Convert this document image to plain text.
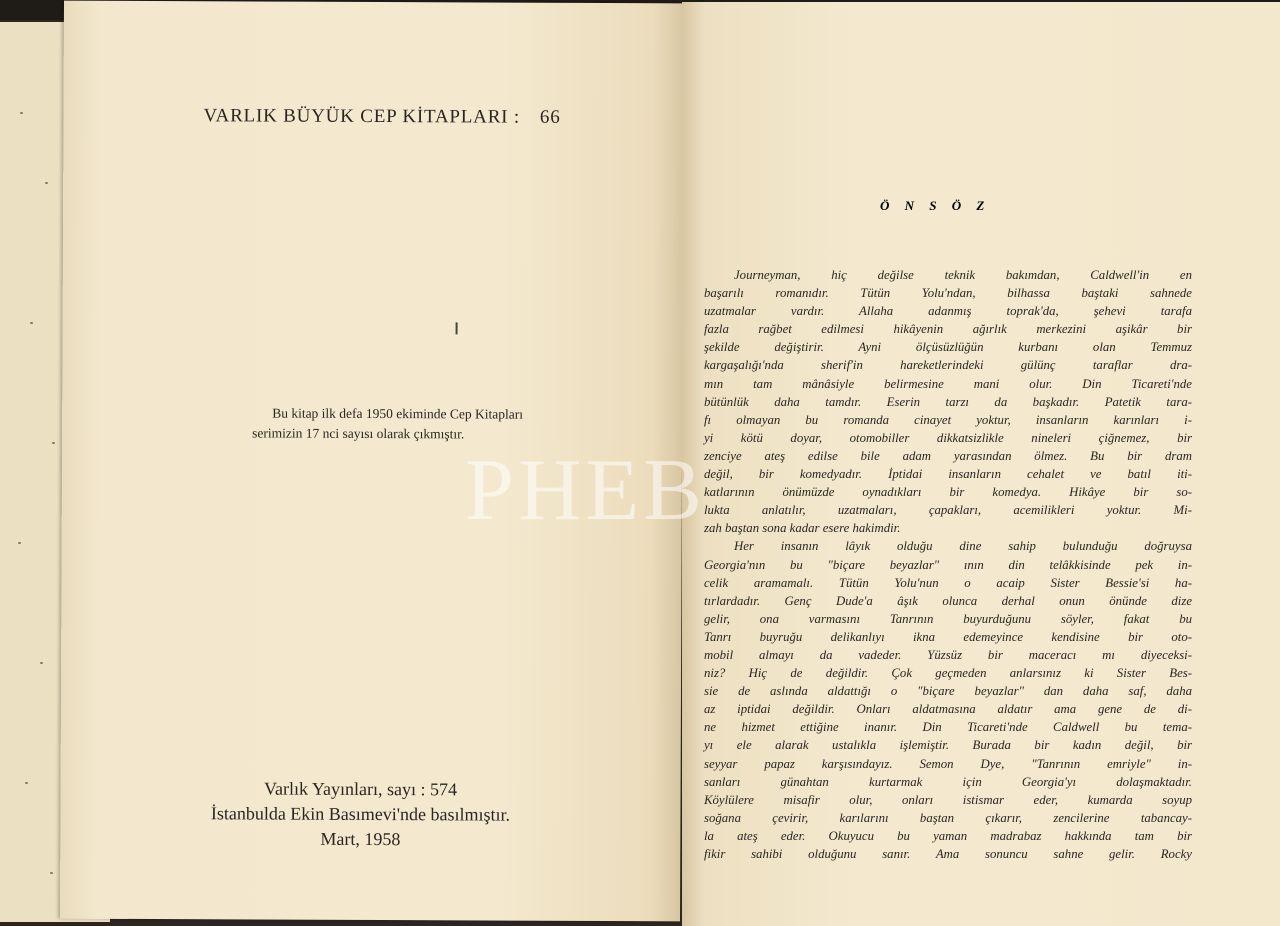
VARLIK BÜYÜK CEP KİTAPLARI : 66
Bu kitap ilk defa 1950 ekiminde Cep Kitapları
serimizin 17 nci sayısı olarak çıkmıştır.
Varlık Yayınları, sayı : 574
İstanbulda Ekin Basımevi'nde basılmıştır.
Mart, 1958
Ö N S Ö Z
Journeyman, hiç değilse teknik bakımdan, Caldwell'in en
başarılı romanıdır. Tütün Yolu'ndan, bilhassa baştaki sahnede
uzatmalar vardır. Allaha adanmış toprak'da, şehevi tarafa
fazla rağbet edilmesi hikâyenin ağırlık merkezini aşikâr bir
şekilde değiştirir. Ayni ölçüsüzlüğün kurbanı olan Temmuz
kargaşalığı'nda sherif'in hareketlerindeki gülünç taraflar dra-
mın tam mânâsiyle belirmesine mani olur. Din Ticareti'nde
bütünlük daha tamdır. Eserin tarzı da başkadır. Patetik tara-
fı olmayan bu romanda cinayet yoktur, insanların karınları i-
yi kötü doyar, otomobiller dikkatsizlikle nineleri çiğnemez, bir
zenciye ateş edilse bile adam yarasından ölmez. Bu bir dram
değil, bir komedyadır. İptidai insanların cehalet ve batıl iti-
katlarının önümüzde oynadıkları bir komedya. Hikâye bir so-
lukta anlatılır, uzatmaları, çapakları, acemilikleri yoktur. Mi-
zah baştan sona kadar esere hakimdir.
Her insanın lâyık olduğu dine sahip bulunduğu doğruysa
Georgia'nın bu "biçare beyazlar" ının din telâkkisinde pek in-
celik aramamalı. Tütün Yolu'nun o acaip Sister Bessie'si ha-
tırlardadır. Genç Dude'a âşık olunca derhal onun önünde dize
gelir, ona varmasını Tanrının buyurduğunu söyler, fakat bu
Tanrı buyruğu delikanlıyı ikna edemeyince kendisine bir oto-
mobil almayı da vadeder. Yüzsüz bir maceracı mı diyeceksi-
niz? Hiç de değildir. Çok geçmeden anlarsınız ki Sister Bes-
sie de aslında aldattığı o "biçare beyazlar" dan daha saf, daha
az iptidai değildir. Onları aldatmasına aldatır ama gene de di-
ne hizmet ettiğine inanır. Din Ticareti'nde Caldwell bu tema-
yı ele alarak ustalıkla işlemiştir. Burada bir kadın değil, bir
seyyar papaz karşısındayız. Semon Dye, "Tanrının emriyle" in-
sanları günahtan kurtarmak için Georgia'yı dolaşmaktadır.
Köylülere misafir olur, onları istismar eder, kumarda soyup
soğana çevirir, karılarını baştan çıkarır, zencilerine tabancay-
la ateş eder. Okuyucu bu yaman madrabaz hakkında tam bir
fikir sahibi olduğunu sanır. Ama sonuncu sahne gelir. Rocky
PHEB
